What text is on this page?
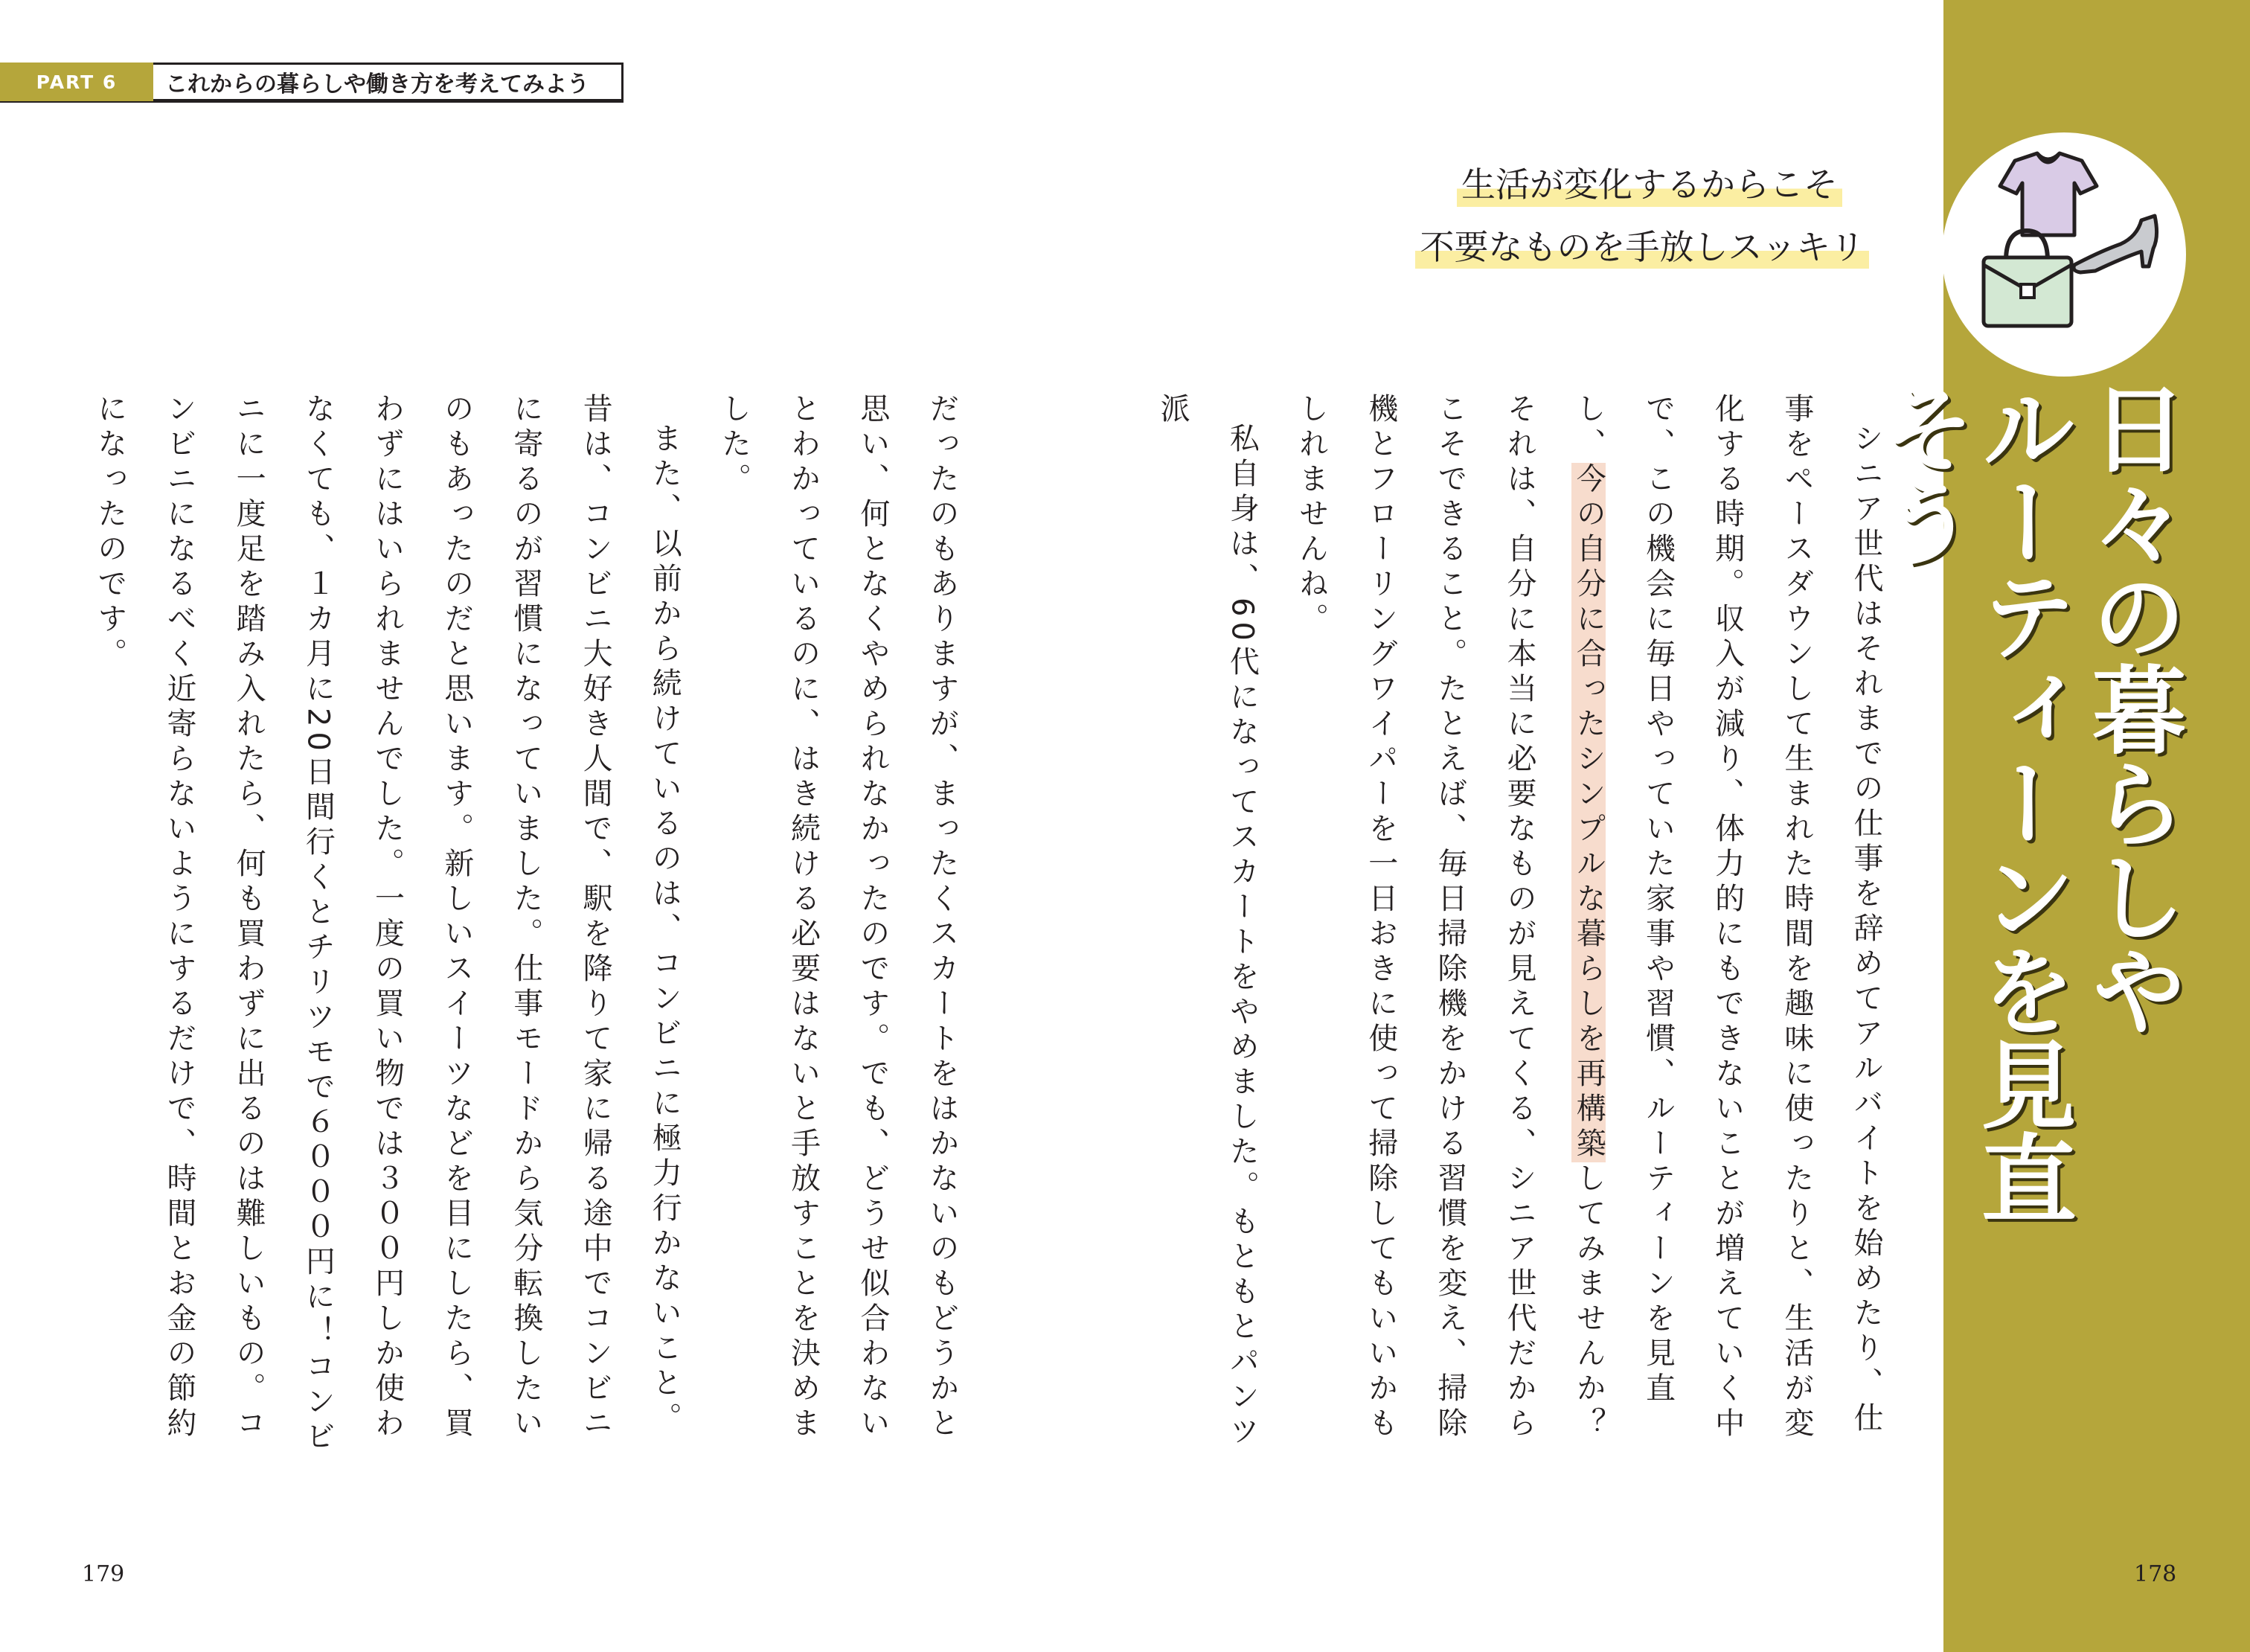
PART 6	これからの暮らしや働き方を考えてみよう
日々の暮らしや
ルーティーンを見直そう
生活が変化するからこそ
不要なものを手放しスッキリ

シニア世代はそれまでの仕事を辞めてアルバイトを始めたり、仕事をペースダウンして生まれた時間を趣味に使ったりと、生活が変化する時期。収入が減り、体力的にもできないことが増えていく中で、この機会に毎日やっていた家事や習慣、ルーティーンを見直し、今の自分に合ったシンプルな暮らしを再構築してみませんか？それは、自分に本当に必要なものが見えてくる、シニア世代だからこそできること。たとえば、毎日掃除機をかける習慣を変え、掃除機とフローリングワイパーを一日おきに使って掃除してもいいかもしれませんね。

私自身は、60代になってスカートをやめました。もともとパンツ派

だったのもありますが、まったくスカートをはかないのもどうかと思い、何となくやめられなかったのです。でも、どうせ似合わないとわかっているのに、はき続ける必要はないと手放すことを決めました。

また、以前から続けているのは、コンビニに極力行かないこと。昔は、コンビニ大好き人間で、駅を降りて家に帰る途中でコンビニに寄るのが習慣になっていました。仕事モードから気分転換したいのもあったのだと思います。新しいスイーツなどを目にしたら、買わずにはいられませんでした。一度の買い物では３００円しか使わなくても、１カ月に20日間行くとチリツモで６０００円に！コンビニに一度足を踏み入れたら、何も買わずに出るのは難しいもの。コンビニになるべく近寄らないようにするだけで、時間とお金の節約になったのです。

179	178
